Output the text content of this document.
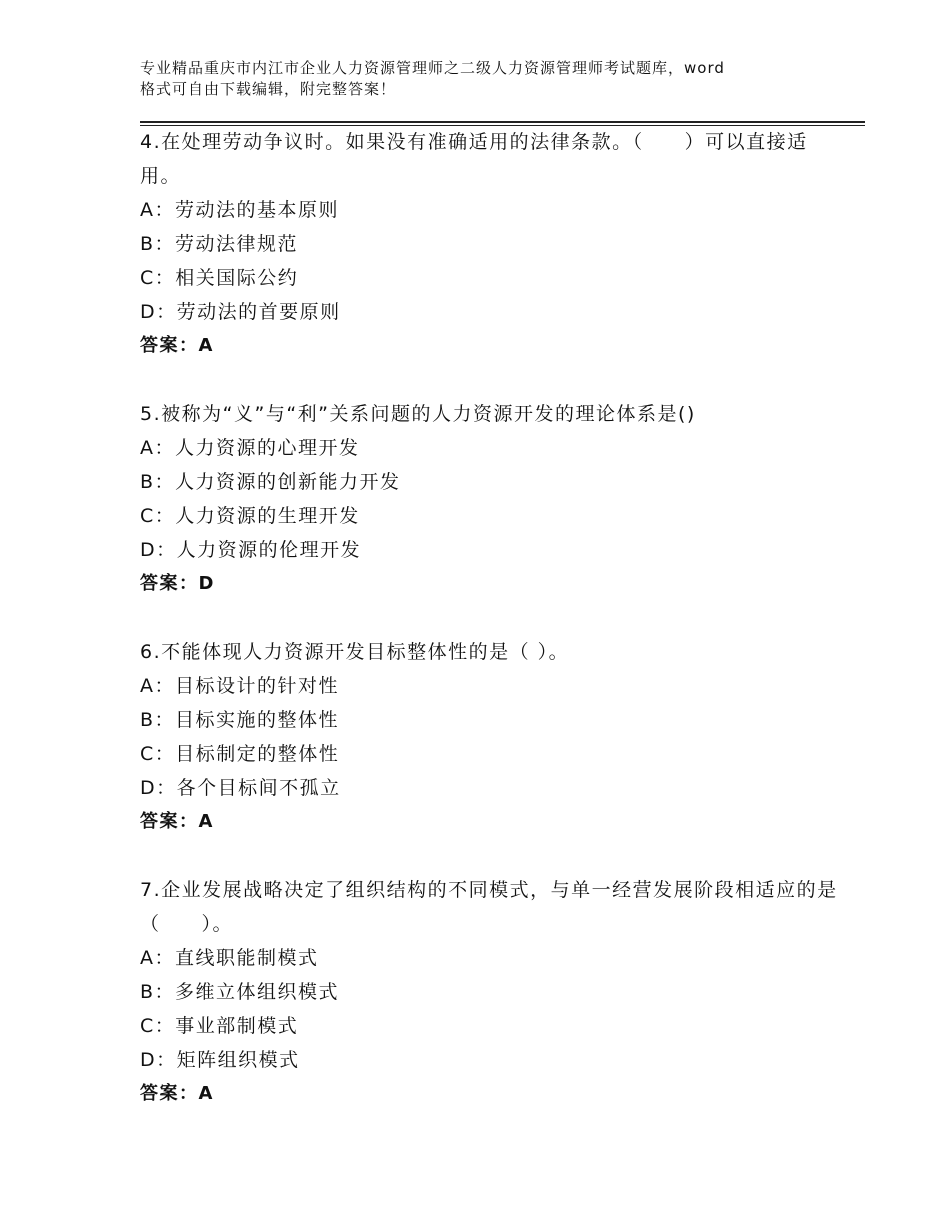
专业精品重庆市内江市企业人力资源管理师之二级人力资源管理师考试题库，word
格式可自由下载编辑，附完整答案！

4.在处理劳动争议时。如果没有准确适用的法律条款。（　　）可以直接适用。

A：劳动法的基本原则

B：劳动法律规范

C：相关国际公约

D：劳动法的首要原则

答案：A

5.被称为“义”与“利”关系问题的人力资源开发的理论体系是()

A：人力资源的心理开发

B：人力资源的创新能力开发

C：人力资源的生理开发

D：人力资源的伦理开发

答案：D

6.不能体现人力资源开发目标整体性的是（ ）。

A：目标设计的针对性

B：目标实施的整体性

C：目标制定的整体性

D：各个目标间不孤立

答案：A

7.企业发展战略决定了组织结构的不同模式，与单一经营发展阶段相适应的是（　　）。

A：直线职能制模式

B：多维立体组织模式

C：事业部制模式

D：矩阵组织模式

答案：A
